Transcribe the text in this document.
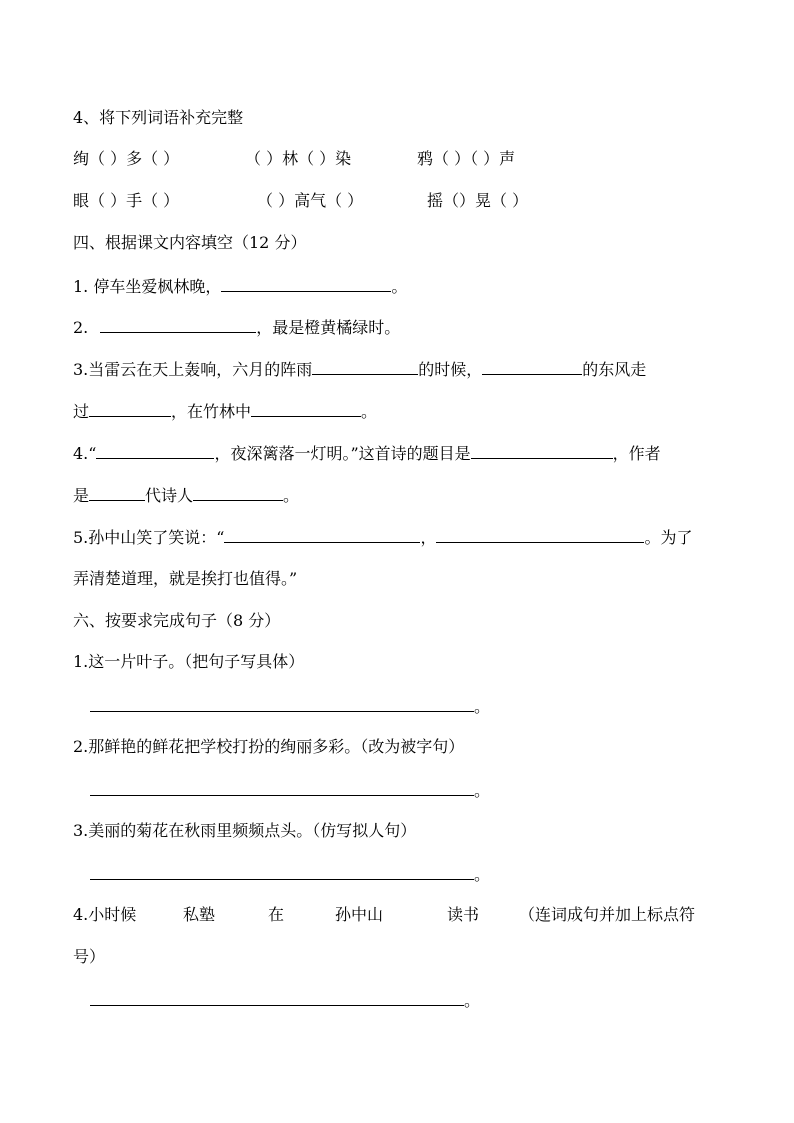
4、将下列词语补充完整
绚（ ）多（ ）	（ ）林（ ）染	鸦（ ）（ ）声
眼（ ）手（ ）	（ ）高气（ ）	摇（）晃（ ）
四、根据课文内容填空（12 分）
1. 停车坐爱枫林晚，	。
2.	，最是橙黄橘绿时。
3.当雷云在天上轰响，六月的阵雨	的时候，	的东风走
过	，在竹林中	。
4.“	，夜深篱落一灯明。”这首诗的题目是	，作者
是	代诗人	。
5.孙中山笑了笑说：“	，	。为了
弄清楚道理，就是挨打也值得。”
六、按要求完成句子（8 分）
1.这一片叶子。（把句子写具体）
。
2.那鲜艳的鲜花把学校打扮的绚丽多彩。（改为被字句）
。
3.美丽的菊花在秋雨里频频点头。（仿写拟人句）
。
4.小时候	私塾	在	孙中山	读书 （连词成句并加上标点符
号）
。
